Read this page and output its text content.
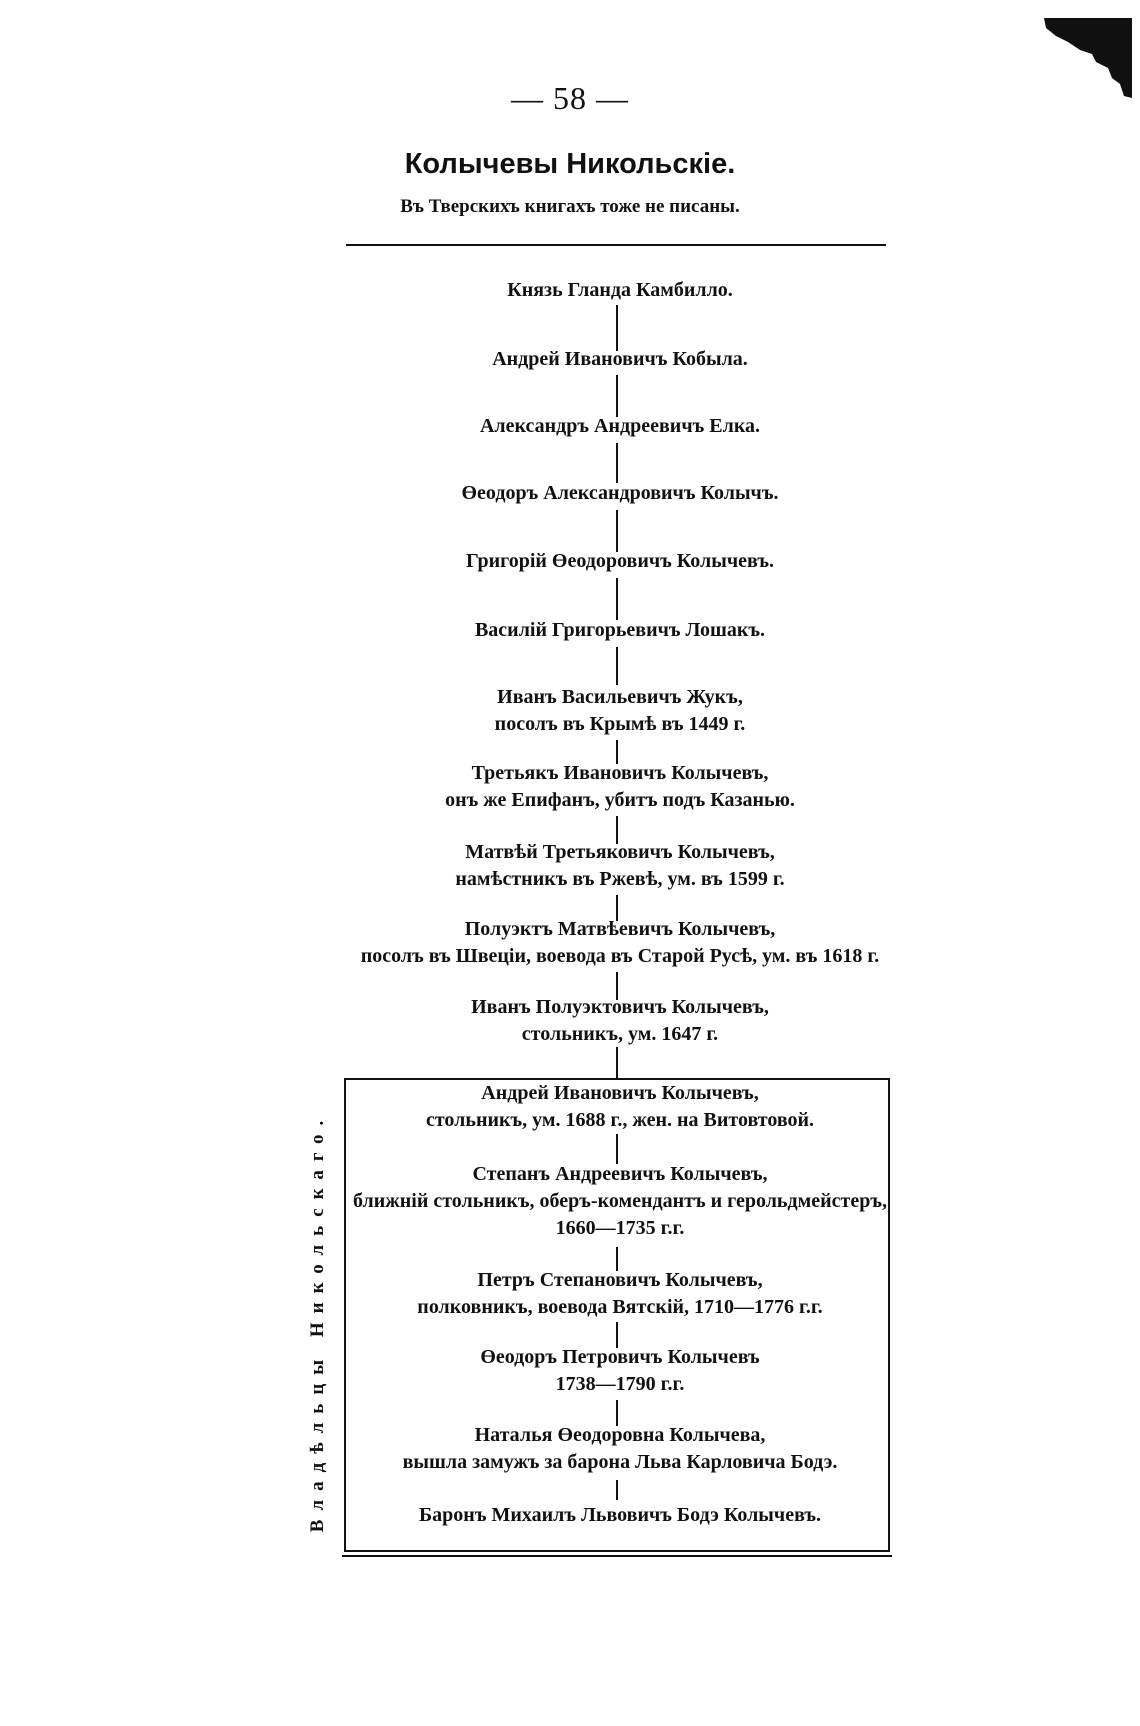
— 58 —
Колычевы Никольскіе.
Въ Тверскихъ книгахъ тоже не писаны.
Князь Гланда Камбилло.
Андрей Ивановичъ Кобыла.
Александръ Андреевичъ Елка.
Өеодоръ Александровичъ Колычъ.
Григорій Өеодоровичъ Колычевъ.
Василій Григорьевичъ Лошакъ.
Иванъ Васильевичъ Жукъ,
посолъ въ Крымѣ въ 1449 г.
Третьякъ Ивановичъ Колычевъ,
онъ же Епифанъ, убитъ подъ Казанью.
Матвѣй Третьяковичъ Колычевъ,
намѣстникъ въ Ржевѣ, ум. въ 1599 г.
Полуэктъ Матвѣевичъ Колычевъ,
посолъ въ Швеціи, воевода въ Старой Русѣ, ум. въ 1618 г.
Иванъ Полуэктовичъ Колычевъ,
стольникъ, ум. 1647 г.
Владѣльцы Никольскаго.
Андрей Ивановичъ Колычевъ,
стольникъ, ум. 1688 г., жен. на Витовтовой.
Степанъ Андреевичъ Колычевъ,
ближній стольникъ, оберъ-комендантъ и герольдмейстеръ,
1660—1735 г.г.
Петръ Степановичъ Колычевъ,
полковникъ, воевода Вятскій, 1710—1776 г.г.
Өеодоръ Петровичъ Колычевъ
1738—1790 г.г.
Наталья Өеодоровна Колычева,
вышла замужъ за барона Льва Карловича Бодэ.
Баронъ Михаилъ Львовичъ Бодэ Колычевъ.
